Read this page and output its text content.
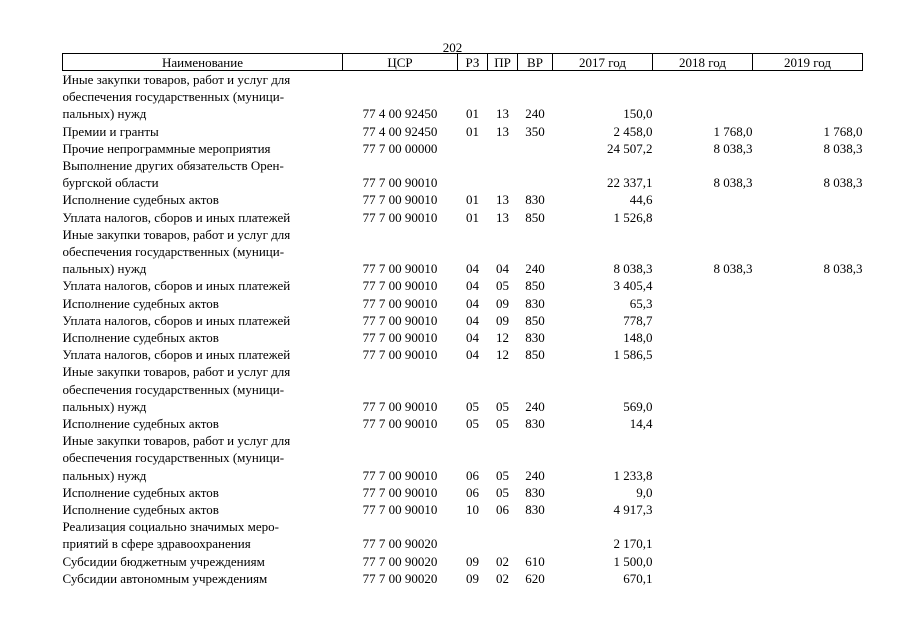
202
Наименование	ЦСР	РЗ	ПР	ВР	2017 год	2018 год	2019 год

Иные закупки товаров, работ и услуг для
обеспечения государственных (муници-
пальных) нужд	77 4 00 92450	01	13	240	150,0		

Премии и гранты	77 4 00 92450	01	13	350	2 458,0	1 768,0	1 768,0

Прочие непрограммные мероприятия	77 7 00 00000				24 507,2	8 038,3	8 038,3

Выполнение других обязательств Орен-
бургской области	77 7 00 90010				22 337,1	8 038,3	8 038,3

Исполнение судебных актов	77 7 00 90010	01	13	830	44,6		

Уплата налогов, сборов и иных платежей	77 7 00 90010	01	13	850	1 526,8		

Иные закупки товаров, работ и услуг для
обеспечения государственных (муници-
пальных) нужд	77 7 00 90010	04	04	240	8 038,3	8 038,3	8 038,3

Уплата налогов, сборов и иных платежей	77 7 00 90010	04	05	850	3 405,4		

Исполнение судебных актов	77 7 00 90010	04	09	830	65,3		

Уплата налогов, сборов и иных платежей	77 7 00 90010	04	09	850	778,7		

Исполнение судебных актов	77 7 00 90010	04	12	830	148,0		

Уплата налогов, сборов и иных платежей	77 7 00 90010	04	12	850	1 586,5		

Иные закупки товаров, работ и услуг для
обеспечения государственных (муници-
пальных) нужд	77 7 00 90010	05	05	240	569,0		

Исполнение судебных актов	77 7 00 90010	05	05	830	14,4		

Иные закупки товаров, работ и услуг для
обеспечения государственных (муници-
пальных) нужд	77 7 00 90010	06	05	240	1 233,8		

Исполнение судебных актов	77 7 00 90010	06	05	830	9,0		

Исполнение судебных актов	77 7 00 90010	10	06	830	4 917,3		

Реализация социально значимых меро-
приятий в сфере здравоохранения	77 7 00 90020				2 170,1		

Субсидии бюджетным учреждениям	77 7 00 90020	09	02	610	1 500,0		

Субсидии автономным учреждениям	77 7 00 90020	09	02	620	670,1		
